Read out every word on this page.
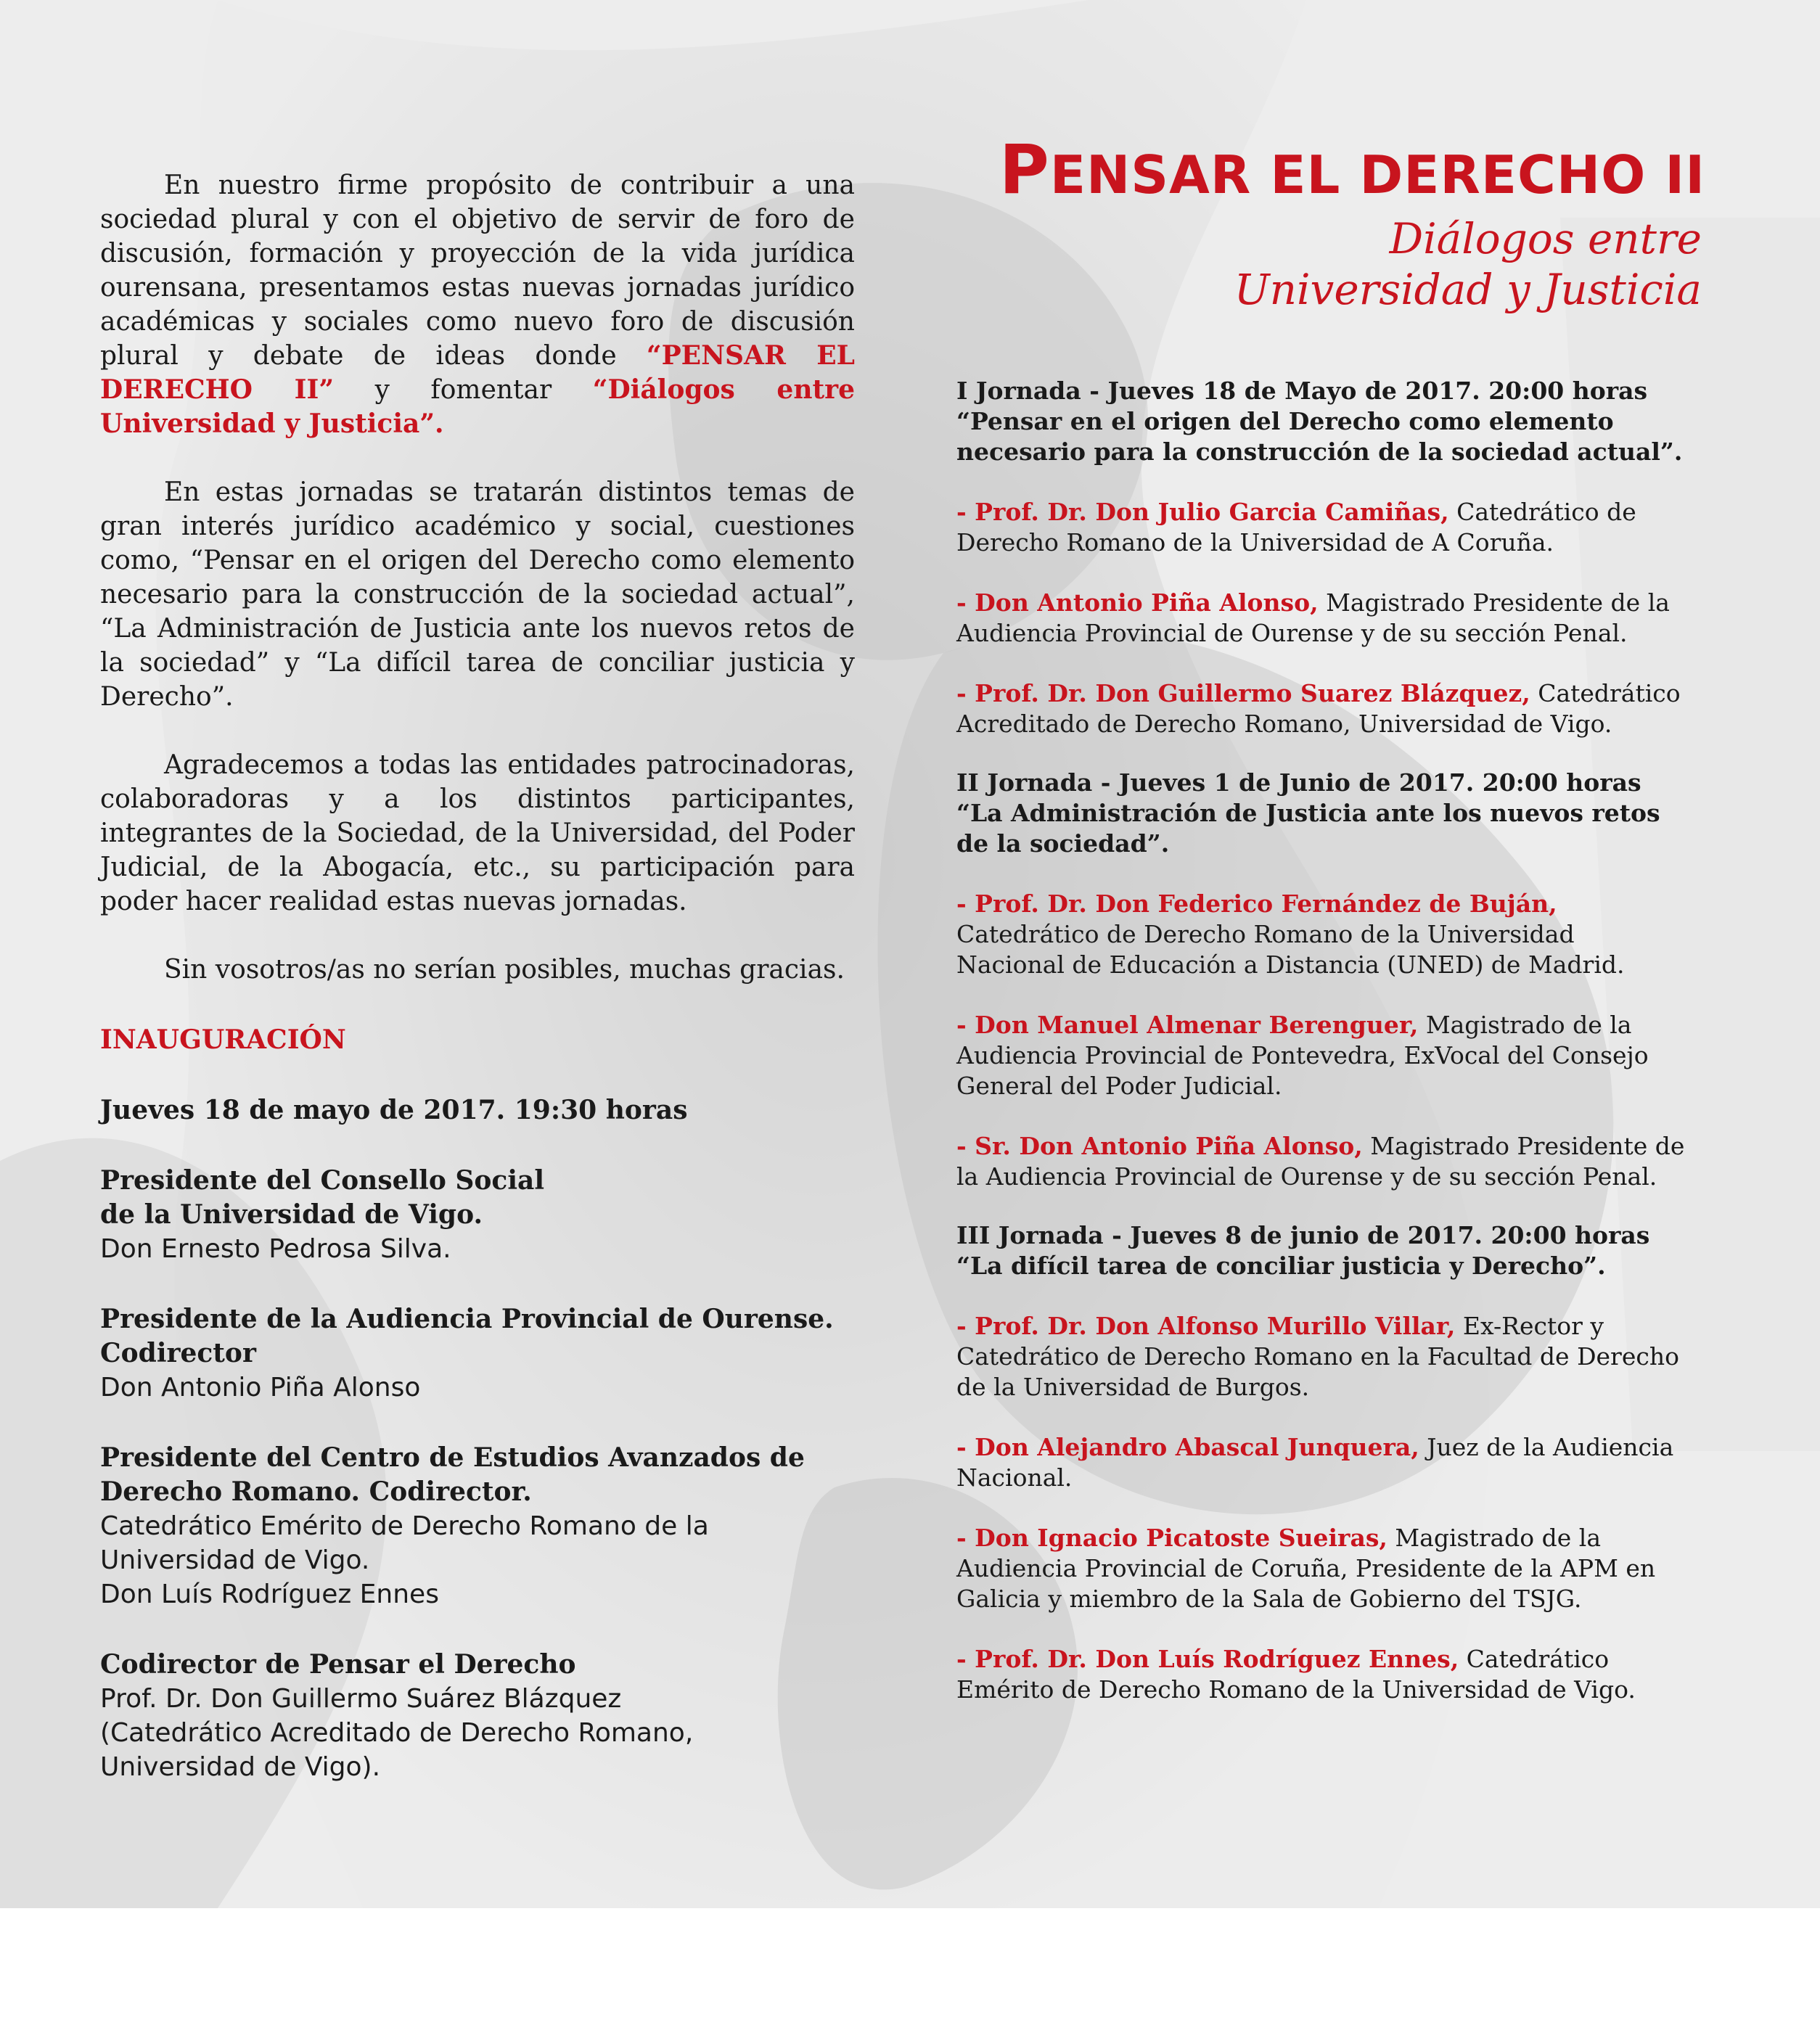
En nuestro firme propósito de contribuir a una sociedad plural y con el objetivo de servir de foro de discusión, formación y proyección de la vida jurídica ourensana, presentamos estas nuevas jornadas jurídico académicas y sociales como nuevo foro de discusión plural y debate de ideas donde “PENSAR EL DERECHO II” y fomentar “Diálogos entre Universidad y Justicia”.

En estas jornadas se tratarán distintos temas de gran interés jurídico académico y social, cuestiones como, “Pensar en el origen del Derecho como elemento necesario para la construcción de la sociedad actual”, “La Administración de Justicia ante los nuevos retos de la sociedad” y “La difícil tarea de conciliar justicia y Derecho”.

Agradecemos a todas las entidades patrocinadoras, colaboradoras y a los distintos participantes, integrantes de la Sociedad, de la Universidad, del Poder Judicial, de la Abogacía, etc., su participación para poder hacer realidad estas nuevas jornadas.

Sin vosotros/as no serían posibles, muchas gracias.

INAUGURACIÓN

Jueves 18 de mayo de 2017. 19:30 horas

Presidente del Consello Social

de la Universidad de Vigo.

Don Ernesto Pedrosa Silva.

Presidente de la Audiencia Provincial de Ourense.

Codirector

Don Antonio Piña Alonso

Presidente del Centro de Estudios Avanzados de

Derecho Romano. Codirector.

Catedrático Emérito de Derecho Romano de la

Universidad de Vigo.

Don Luís Rodríguez Ennes

Codirector de Pensar el Derecho

Prof. Dr. Don Guillermo Suárez Blázquez

(Catedrático Acreditado de Derecho Romano,

Universidad de Vigo).

PENSAR EL DERECHO II
Diálogos entre
Universidad y Justicia

I Jornada - Jueves 18 de Mayo de 2017. 20:00 horas

“Pensar en el origen del Derecho como elemento

necesario para la construcción de la sociedad actual”.

- Prof. Dr. Don Julio Garcia Camiñas, Catedrático de

Derecho Romano de la Universidad de A Coruña.

- Don Antonio Piña Alonso, Magistrado Presidente de la

Audiencia Provincial de Ourense y de su sección Penal.

- Prof. Dr. Don Guillermo Suarez Blázquez, Catedrático

Acreditado de Derecho Romano, Universidad de Vigo.

II Jornada - Jueves 1 de Junio de 2017. 20:00 horas

“La Administración de Justicia ante los nuevos retos

de la sociedad”.

- Prof. Dr. Don Federico Fernández de Buján,

Catedrático de Derecho Romano de la Universidad

Nacional de Educación a Distancia (UNED) de Madrid.

- Don Manuel Almenar Berenguer, Magistrado de la

Audiencia Provincial de Pontevedra, ExVocal del Consejo

General del Poder Judicial.

- Sr. Don Antonio Piña Alonso, Magistrado Presidente de

la Audiencia Provincial de Ourense y de su sección Penal.

III Jornada - Jueves 8 de junio de 2017. 20:00 horas

“La difícil tarea de conciliar justicia y Derecho”.

- Prof. Dr. Don Alfonso Murillo Villar, Ex-Rector y

Catedrático de Derecho Romano en la Facultad de Derecho

de la Universidad de Burgos.

- Don Alejandro Abascal Junquera, Juez de la Audiencia

Nacional.

- Don Ignacio Picatoste Sueiras, Magistrado de la

Audiencia Provincial de Coruña, Presidente de la APM en

Galicia y miembro de la Sala de Gobierno del TSJG.

- Prof. Dr. Don Luís Rodríguez Ennes, Catedrático

Emérito de Derecho Romano de la Universidad de Vigo.
